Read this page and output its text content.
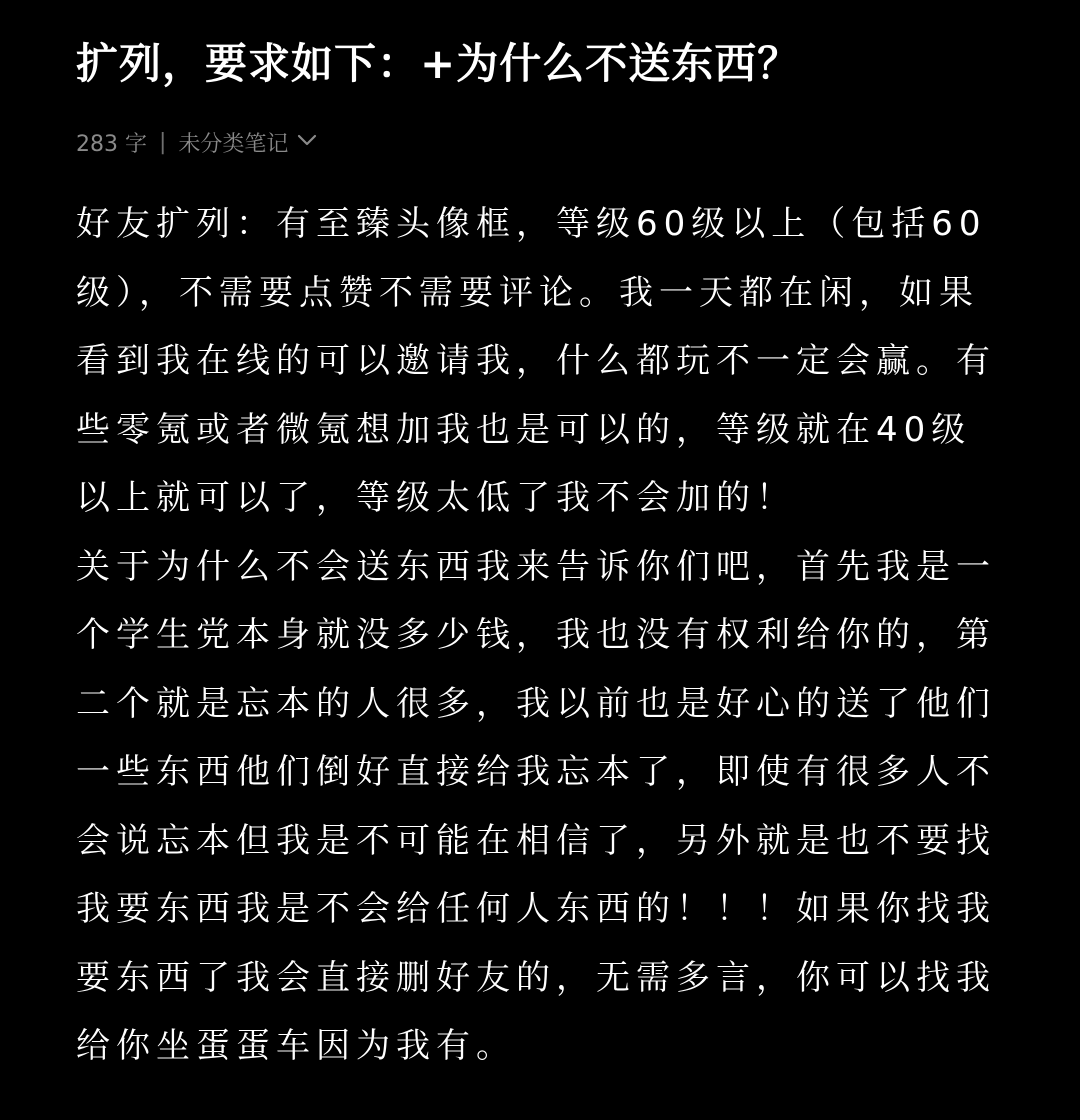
扩列，要求如下：+为什么不送东西？
283 字 | 未分类笔记

好友扩列：有至臻头像框，等级60级以上（包括60级），不需要点赞不需要评论。我一天都在闲，如果看到我在线的可以邀请我，什么都玩不一定会赢。有些零氪或者微氪想加我也是可以的，等级就在40级以上就可以了，等级太低了我不会加的！

关于为什么不会送东西我来告诉你们吧，首先我是一个学生党本身就没多少钱，我也没有权利给你的，第二个就是忘本的人很多，我以前也是好心的送了他们一些东西他们倒好直接给我忘本了，即使有很多人不会说忘本但我是不可能在相信了，另外就是也不要找我要东西我是不会给任何人东西的！！！如果你找我要东西了我会直接删好友的，无需多言，你可以找我给你坐蛋蛋车因为我有。
